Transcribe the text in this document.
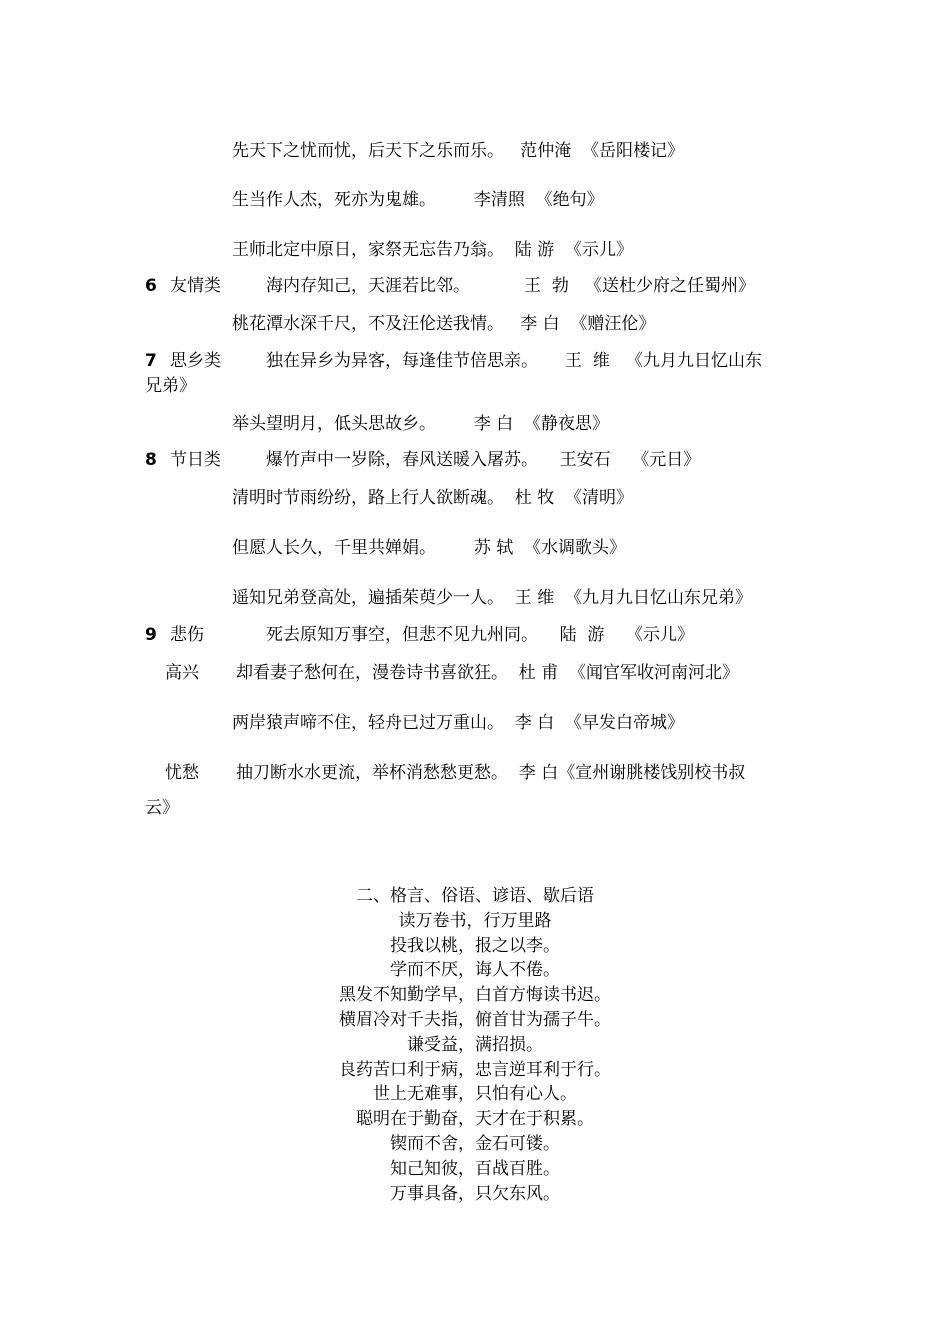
先天下之忧而忧，后天下之乐而乐。   范仲淹  《岳阳楼记》
生当作人杰，死亦为鬼雄。       李清照  《绝句》
王师北定中原日，家祭无忘告乃翁。  陆 游  《示儿》
6 友情类	海内存知己，天涯若比邻。          王  勃   《送杜少府之任蜀州》
桃花潭水深千尺，不及汪伦送我情。   李 白  《赠汪伦》
7 思乡类	独在异乡为异客，每逢佳节倍思亲。     王  维   《九月九日忆山东
兄弟》
举头望明月，低头思故乡。       李 白  《静夜思》
8 节日类	爆竹声中一岁除，春风送暖入屠苏。    王安石    《元日》
清明时节雨纷纷，路上行人欲断魂。  杜 牧  《清明》
但愿人长久，千里共婵娟。       苏 轼  《水调歌头》
遥知兄弟登高处，遍插茱萸少一人。  王 维  《九月九日忆山东兄弟》
9 悲伤	死去原知万事空，但悲不见九州同。    陆  游    《示儿》
高兴 却看妻子愁何在，漫卷诗书喜欲狂。  杜 甫  《闻官军收河南河北》
两岸猿声啼不住，轻舟已过万重山。  李 白  《早发白帝城》
忧愁 抽刀断水水更流，举杯消愁愁更愁。  李 白《宣州谢朓楼饯别校书叔
云》
二、格言、俗语、谚语、歇后语
读万卷书，行万里路
投我以桃，报之以李。
学而不厌，诲人不倦。
黑发不知勤学早，白首方悔读书迟。
横眉冷对千夫指，俯首甘为孺子牛。
谦受益，满招损。
良药苦口利于病，忠言逆耳利于行。
世上无难事，只怕有心人。
聪明在于勤奋，天才在于积累。
锲而不舍，金石可镂。
知己知彼，百战百胜。
万事具备，只欠东风。
